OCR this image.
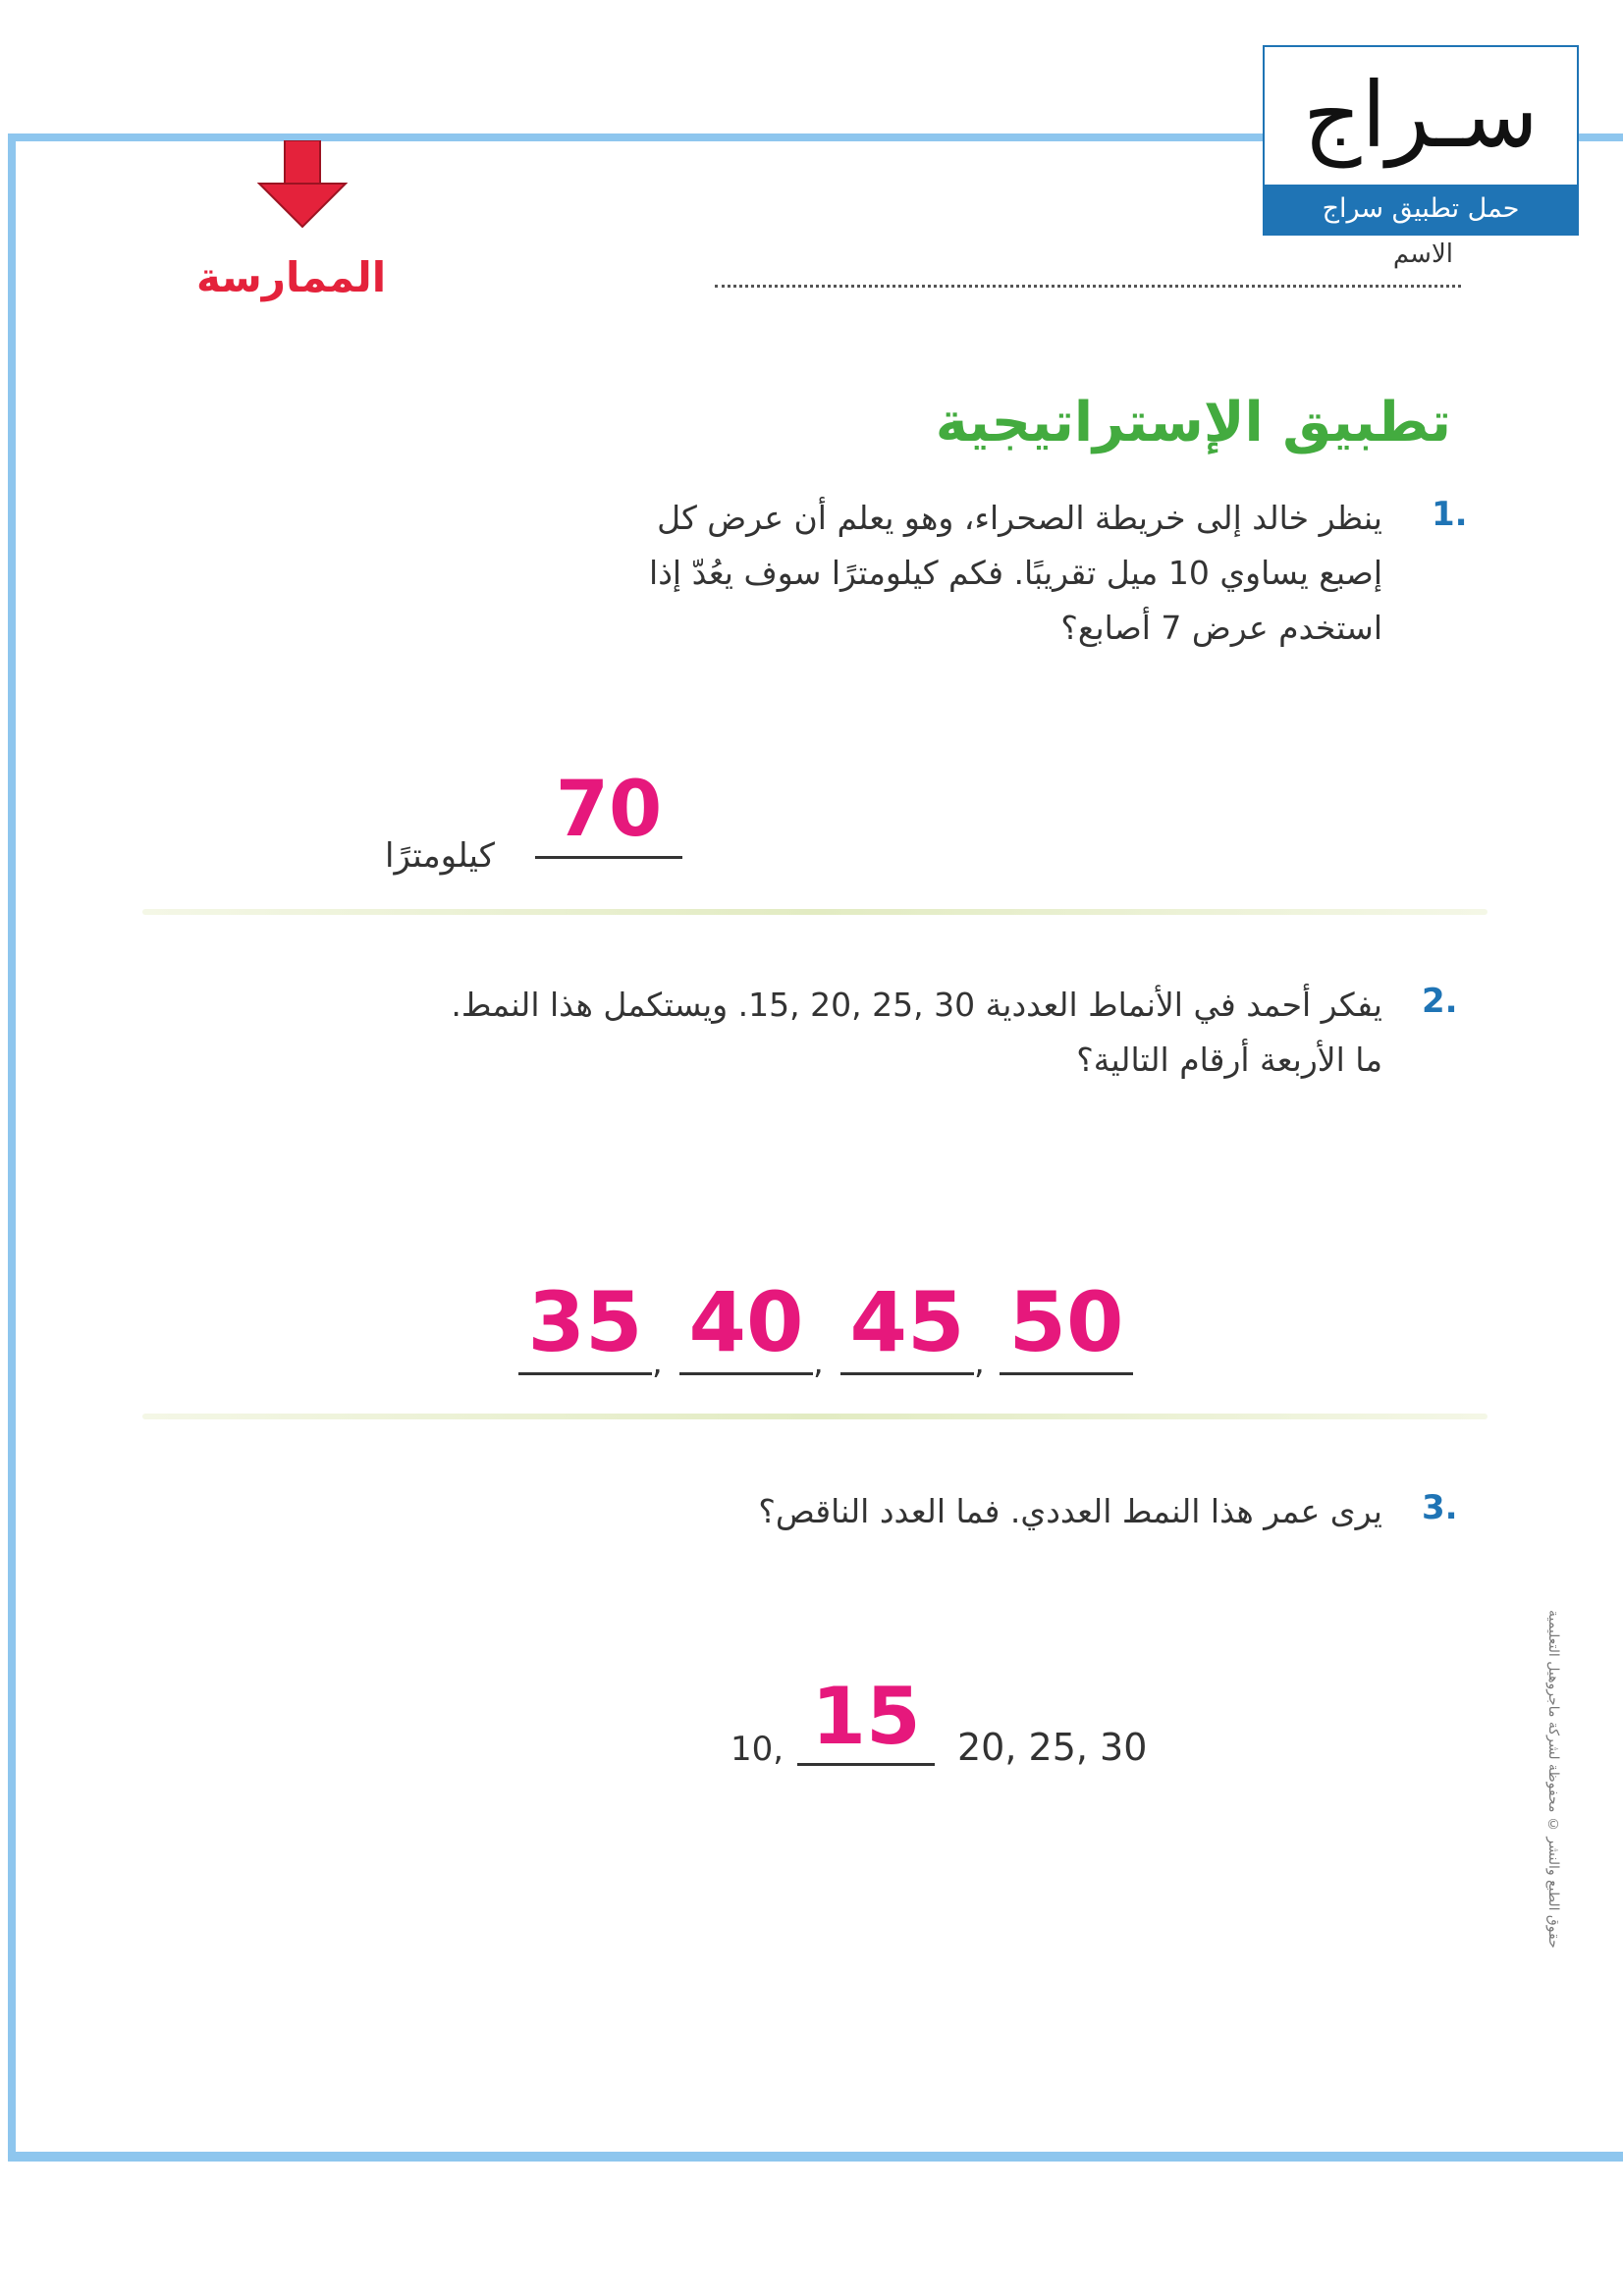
سـراج
حمل تطبيق سراج
الاسم
الممارسة
تطبيق الإستراتيجية
1.
ينظر خالد إلى خريطة الصحراء، وهو يعلم أن عرض كل
إصبع يساوي 10 ميل تقريبًا. فكم كيلومترًا سوف يعُدّ إذا
استخدم عرض 7 أصابع؟
70
كيلومترًا
2.
يفكر أحمد في الأنماط العددية 30 ,25 ,20 ,15. ويستكمل هذا النمط.
ما الأربعة أرقام التالية؟
35 , 40 , 45 , 50
3.
يرى عمر هذا النمط العددي. فما العدد الناقص؟
10, 15 20, 25, 30	حقوق الطبع والنشر © محفوظة لشركة ماجروهيل التعليمية
